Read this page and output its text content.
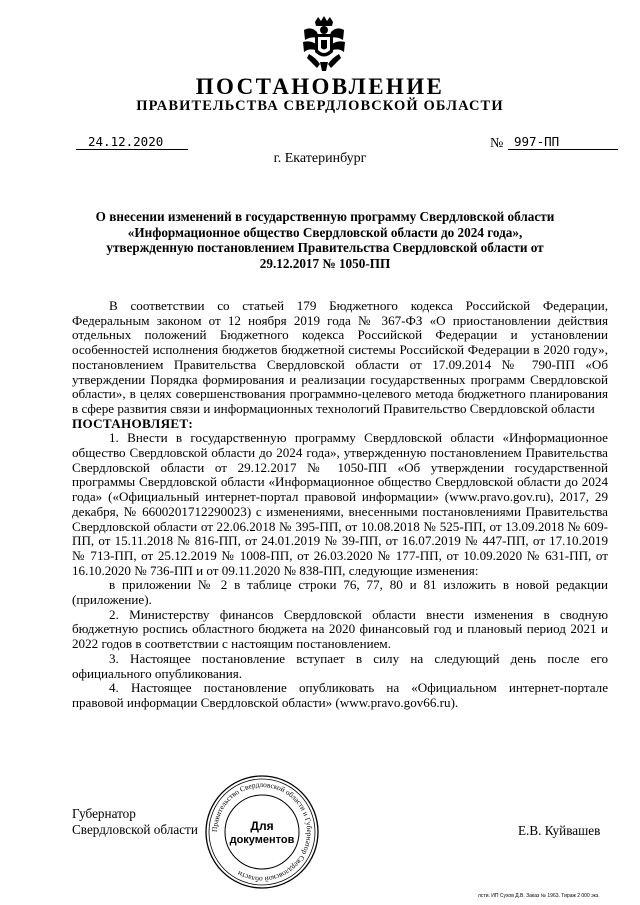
ПОСТАНОВЛЕНИЕ
ПРАВИТЕЛЬСТВА СВЕРДЛОВСКОЙ ОБЛАСТИ
24.12.2020	№ 997-ПП
г. Екатеринбург
О внесении изменений в государственную программу Свердловской области «Информационное общество Свердловской области до 2024 года», утвержденную постановлением Правительства Свердловской области от 29.12.2017 № 1050-ПП

В соответствии со статьей 179 Бюджетного кодекса Российской Федерации, Федеральным законом от 12 ноября 2019 года № 367-ФЗ «О приостановлении действия отдельных положений Бюджетного кодекса Российской Федерации и установлении особенностей исполнения бюджетов бюджетной системы Российской Федерации в 2020 году», постановлением Правительства Свердловской области от 17.09.2014 № 790-ПП «Об утверждении Порядка формирования и реализации государственных программ Свердловской области», в целях совершенствования программно-целевого метода бюджетного планирования в сфере развития связи и информационных технологий Правительство Свердловской области

ПОСТАНОВЛЯЕТ:

1. Внести в государственную программу Свердловской области «Информационное общество Свердловской области до 2024 года», утвержденную постановлением Правительства Свердловской области от 29.12.2017 № 1050-ПП «Об утверждении государственной программы Свердловской области «Информационное общество Свердловской области до 2024 года» («Официальный интернет-портал правовой информации» (www.pravo.gov.ru), 2017, 29 декабря, № 6600201712290023) с изменениями, внесенными постановлениями Правительства Свердловской области от 22.06.2018 № 395-ПП, от 10.08.2018 № 525-ПП, от 13.09.2018 № 609-ПП, от 15.11.2018 № 816-ПП, от 24.01.2019 № 39-ПП, от 16.07.2019 № 447-ПП, от 17.10.2019 № 713-ПП, от 25.12.2019 № 1008-ПП, от 26.03.2020 № 177-ПП, от 10.09.2020 № 631-ПП, от 16.10.2020 № 736-ПП и от 09.11.2020 № 838-ПП, следующие изменения:

в приложении № 2 в таблице строки 76, 77, 80 и 81 изложить в новой редакции (приложение).

2. Министерству финансов Свердловской области внести изменения в сводную бюджетную роспись областного бюджета на 2020 финансовый год и плановый период 2021 и 2022 годов в соответствии с настоящим постановлением.

3. Настоящее постановление вступает в силу на следующий день после его официального опубликования.

4. Настоящее постановление опубликовать на «Официальном интернет-портале правовой информации Свердловской области» (www.pravo.gov66.ru).

Губернатор
Свердловской области Правительство Свердловской области и Губернатор Свердловской области
Для
документов
Е.В. Куйвашев
лсти. ИП Сухов Д.В. Заказ № 1963. Тираж 2 000 экз.
